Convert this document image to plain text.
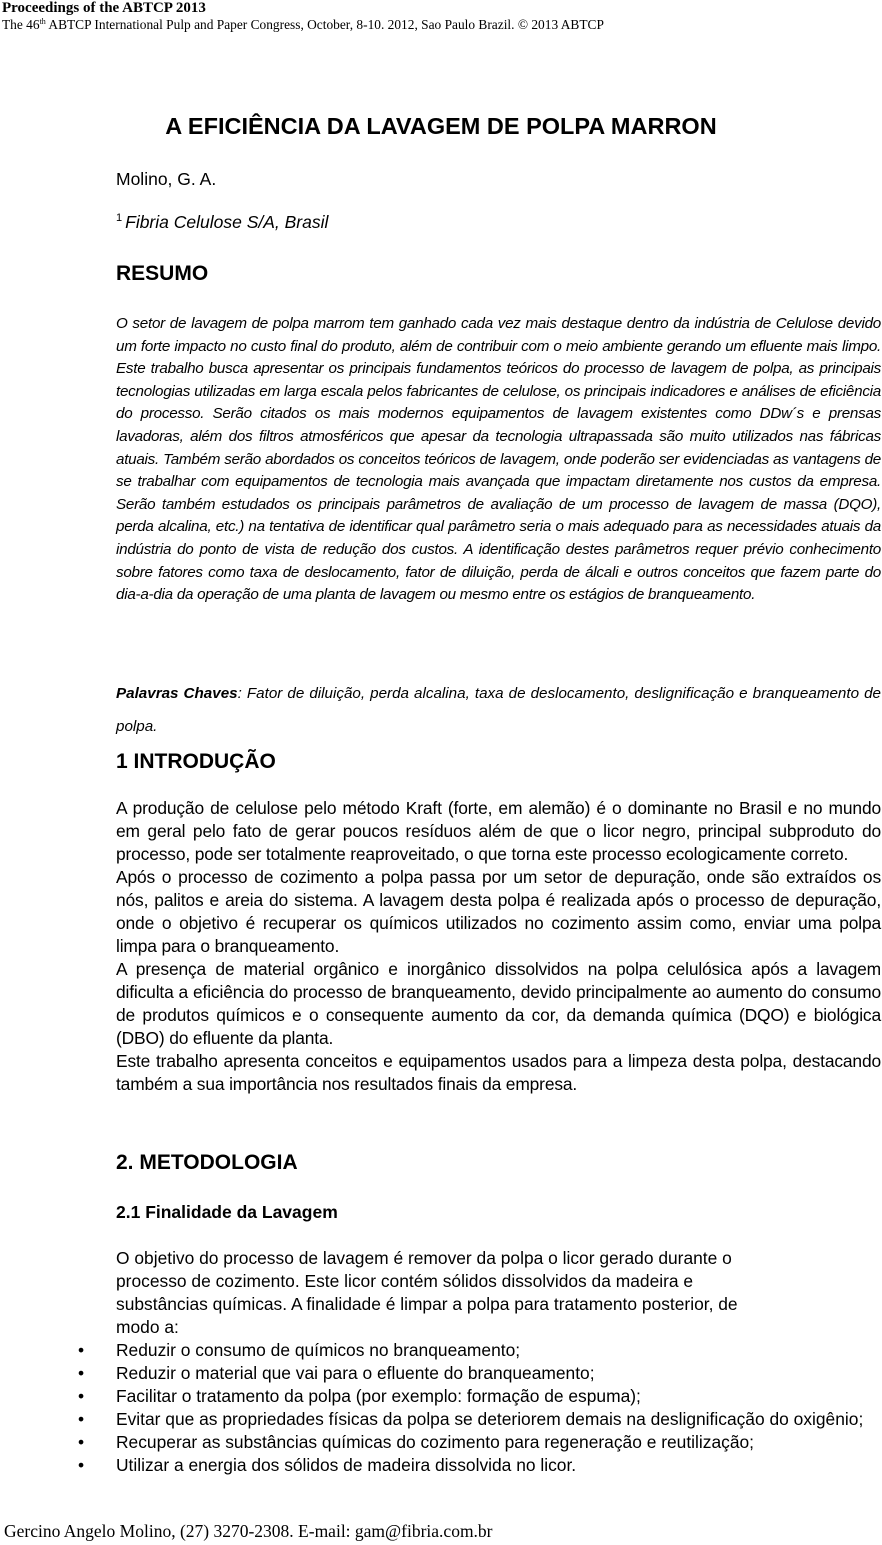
Proceedings of the ABTCP 2013
The 46th ABTCP International Pulp and Paper Congress, October, 8-10. 2012, Sao Paulo Brazil. © 2013 ABTCP
A EFICIÊNCIA DA LAVAGEM DE POLPA MARRON
Molino, G. A.
$^1$ Fibria Celulose S/A, Brasil
RESUMO

O setor de lavagem de polpa marrom tem ganhado cada vez mais destaque dentro da indústria de Celulose devido um forte impacto no custo final do produto, além de contribuir com o meio ambiente gerando um efluente mais limpo. Este trabalho busca apresentar os principais fundamentos teóricos do processo de lavagem de polpa, as principais tecnologias utilizadas em larga escala pelos fabricantes de celulose, os principais indicadores e análises de eficiência do processo. Serão citados os mais modernos equipamentos de lavagem existentes como DDw´s e prensas lavadoras, além dos filtros atmosféricos que apesar da tecnologia ultrapassada são muito utilizados nas fábricas atuais. Também serão abordados os conceitos teóricos de lavagem, onde poderão ser evidenciadas as vantagens de se trabalhar com equipamentos de tecnologia mais avançada que impactam diretamente nos custos da empresa. Serão também estudados os principais parâmetros de avaliação de um processo de lavagem de massa (DQO), perda alcalina, etc.) na tentativa de identificar qual parâmetro seria o mais adequado para as necessidades atuais da indústria do ponto de vista de redução dos custos. A identificação destes parâmetros requer prévio conhecimento sobre fatores como taxa de deslocamento, fator de diluição, perda de álcali e outros conceitos que fazem parte do dia-a-dia da operação de uma planta de lavagem ou mesmo entre os estágios de branqueamento.

Palavras Chaves: Fator de diluição, perda alcalina, taxa de deslocamento, deslignificação e branqueamento de polpa.

1 INTRODUÇÃO

A produção de celulose pelo método Kraft (forte, em alemão) é o dominante no Brasil e no mundo em geral pelo fato de gerar poucos resíduos além de que o licor negro, principal subproduto do processo, pode ser totalmente reaproveitado, o que torna este processo ecologicamente correto.

Após o processo de cozimento a polpa passa por um setor de depuração, onde são extraídos os nós, palitos e areia do sistema. A lavagem desta polpa é realizada após o processo de depuração, onde o objetivo é recuperar os químicos utilizados no cozimento assim como, enviar uma polpa limpa para o branqueamento.

A presença de material orgânico e inorgânico dissolvidos na polpa celulósica após a lavagem dificulta a eficiência do processo de branqueamento, devido principalmente ao aumento do consumo de produtos químicos e o consequente aumento da cor, da demanda química (DQO) e biológica (DBO) do efluente da planta.

Este trabalho apresenta conceitos e equipamentos usados para a limpeza desta polpa, destacando também a sua importância nos resultados finais da empresa.

2. METODOLOGIA
2.1 Finalidade da Lavagem
O objetivo do processo de lavagem é remover da polpa o licor gerado durante o
processo de cozimento. Este licor contém sólidos dissolvidos da madeira e
substâncias químicas. A finalidade é limpar a polpa para tratamento posterior, de
modo a:
• Reduzir o consumo de químicos no branqueamento;
• Reduzir o material que vai para o efluente do branqueamento;
• Facilitar o tratamento da polpa (por exemplo: formação de espuma);
• Evitar que as propriedades físicas da polpa se deteriorem demais na deslignificação do oxigênio;
• Recuperar as substâncias químicas do cozimento para regeneração e reutilização;
• Utilizar a energia dos sólidos de madeira dissolvida no licor.
Gercino Angelo Molino, (27) 3270-2308. E-mail: gam@fibria.com.br
